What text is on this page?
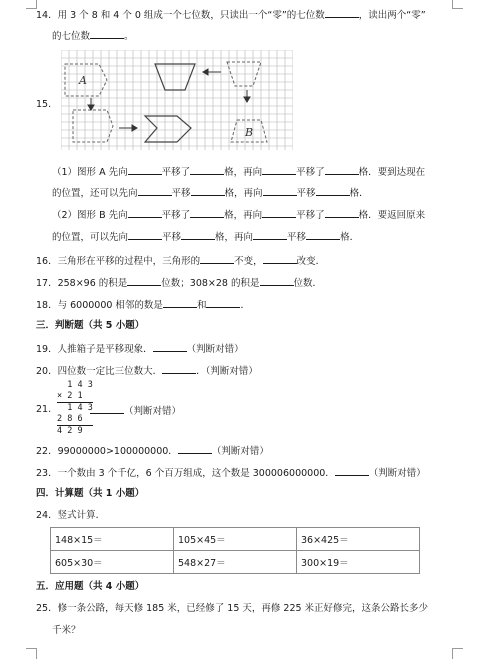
14．用 3 个 8 和 4 个 0 组成一个七位数，只读出一个“零”的七位数	，读出两个“零”
的七位数	。
15.
A
B
（1）图形 A 先向	平移了	格，再向	平移了	格．要到达现在
的位置，还可以先向	平移	格，再向	平移	格．
（2）图形 B 先向	平移了	格，再向	平移了	格．要返回原来
的位置，可以先向	平移	格，再向	平移	格．
16．三角形在平移的过程中，三角形的	不变，	改变．
17．258×96 的积是	位数；308×28 的积是	位数．
18．与 6000000 相邻的数是	和	．
三．判断题（共 5 小题）
19．人推箱子是平移现象．	（判断对错）
20．四位数一定比三位数大．	．（判断对错）
21.
1 4 3
× 2 1
1 4 3
2 8 6
4 2 9
（判断对错）
22．99000000>100000000．	（判断对错）
23．一个数由 3 个千亿，6 个百万组成，这个数是 300006000000．	（判断对错）
四．计算题（共 1 小题）
24．竖式计算．
148×15＝	105×45＝	36×425＝
605×30＝	548×27＝	300×19＝
五．应用题（共 4 小题）
25．修一条公路，每天修 185 米，已经修了 15 天，再修 225 米正好修完，这条公路长多少
千米？
